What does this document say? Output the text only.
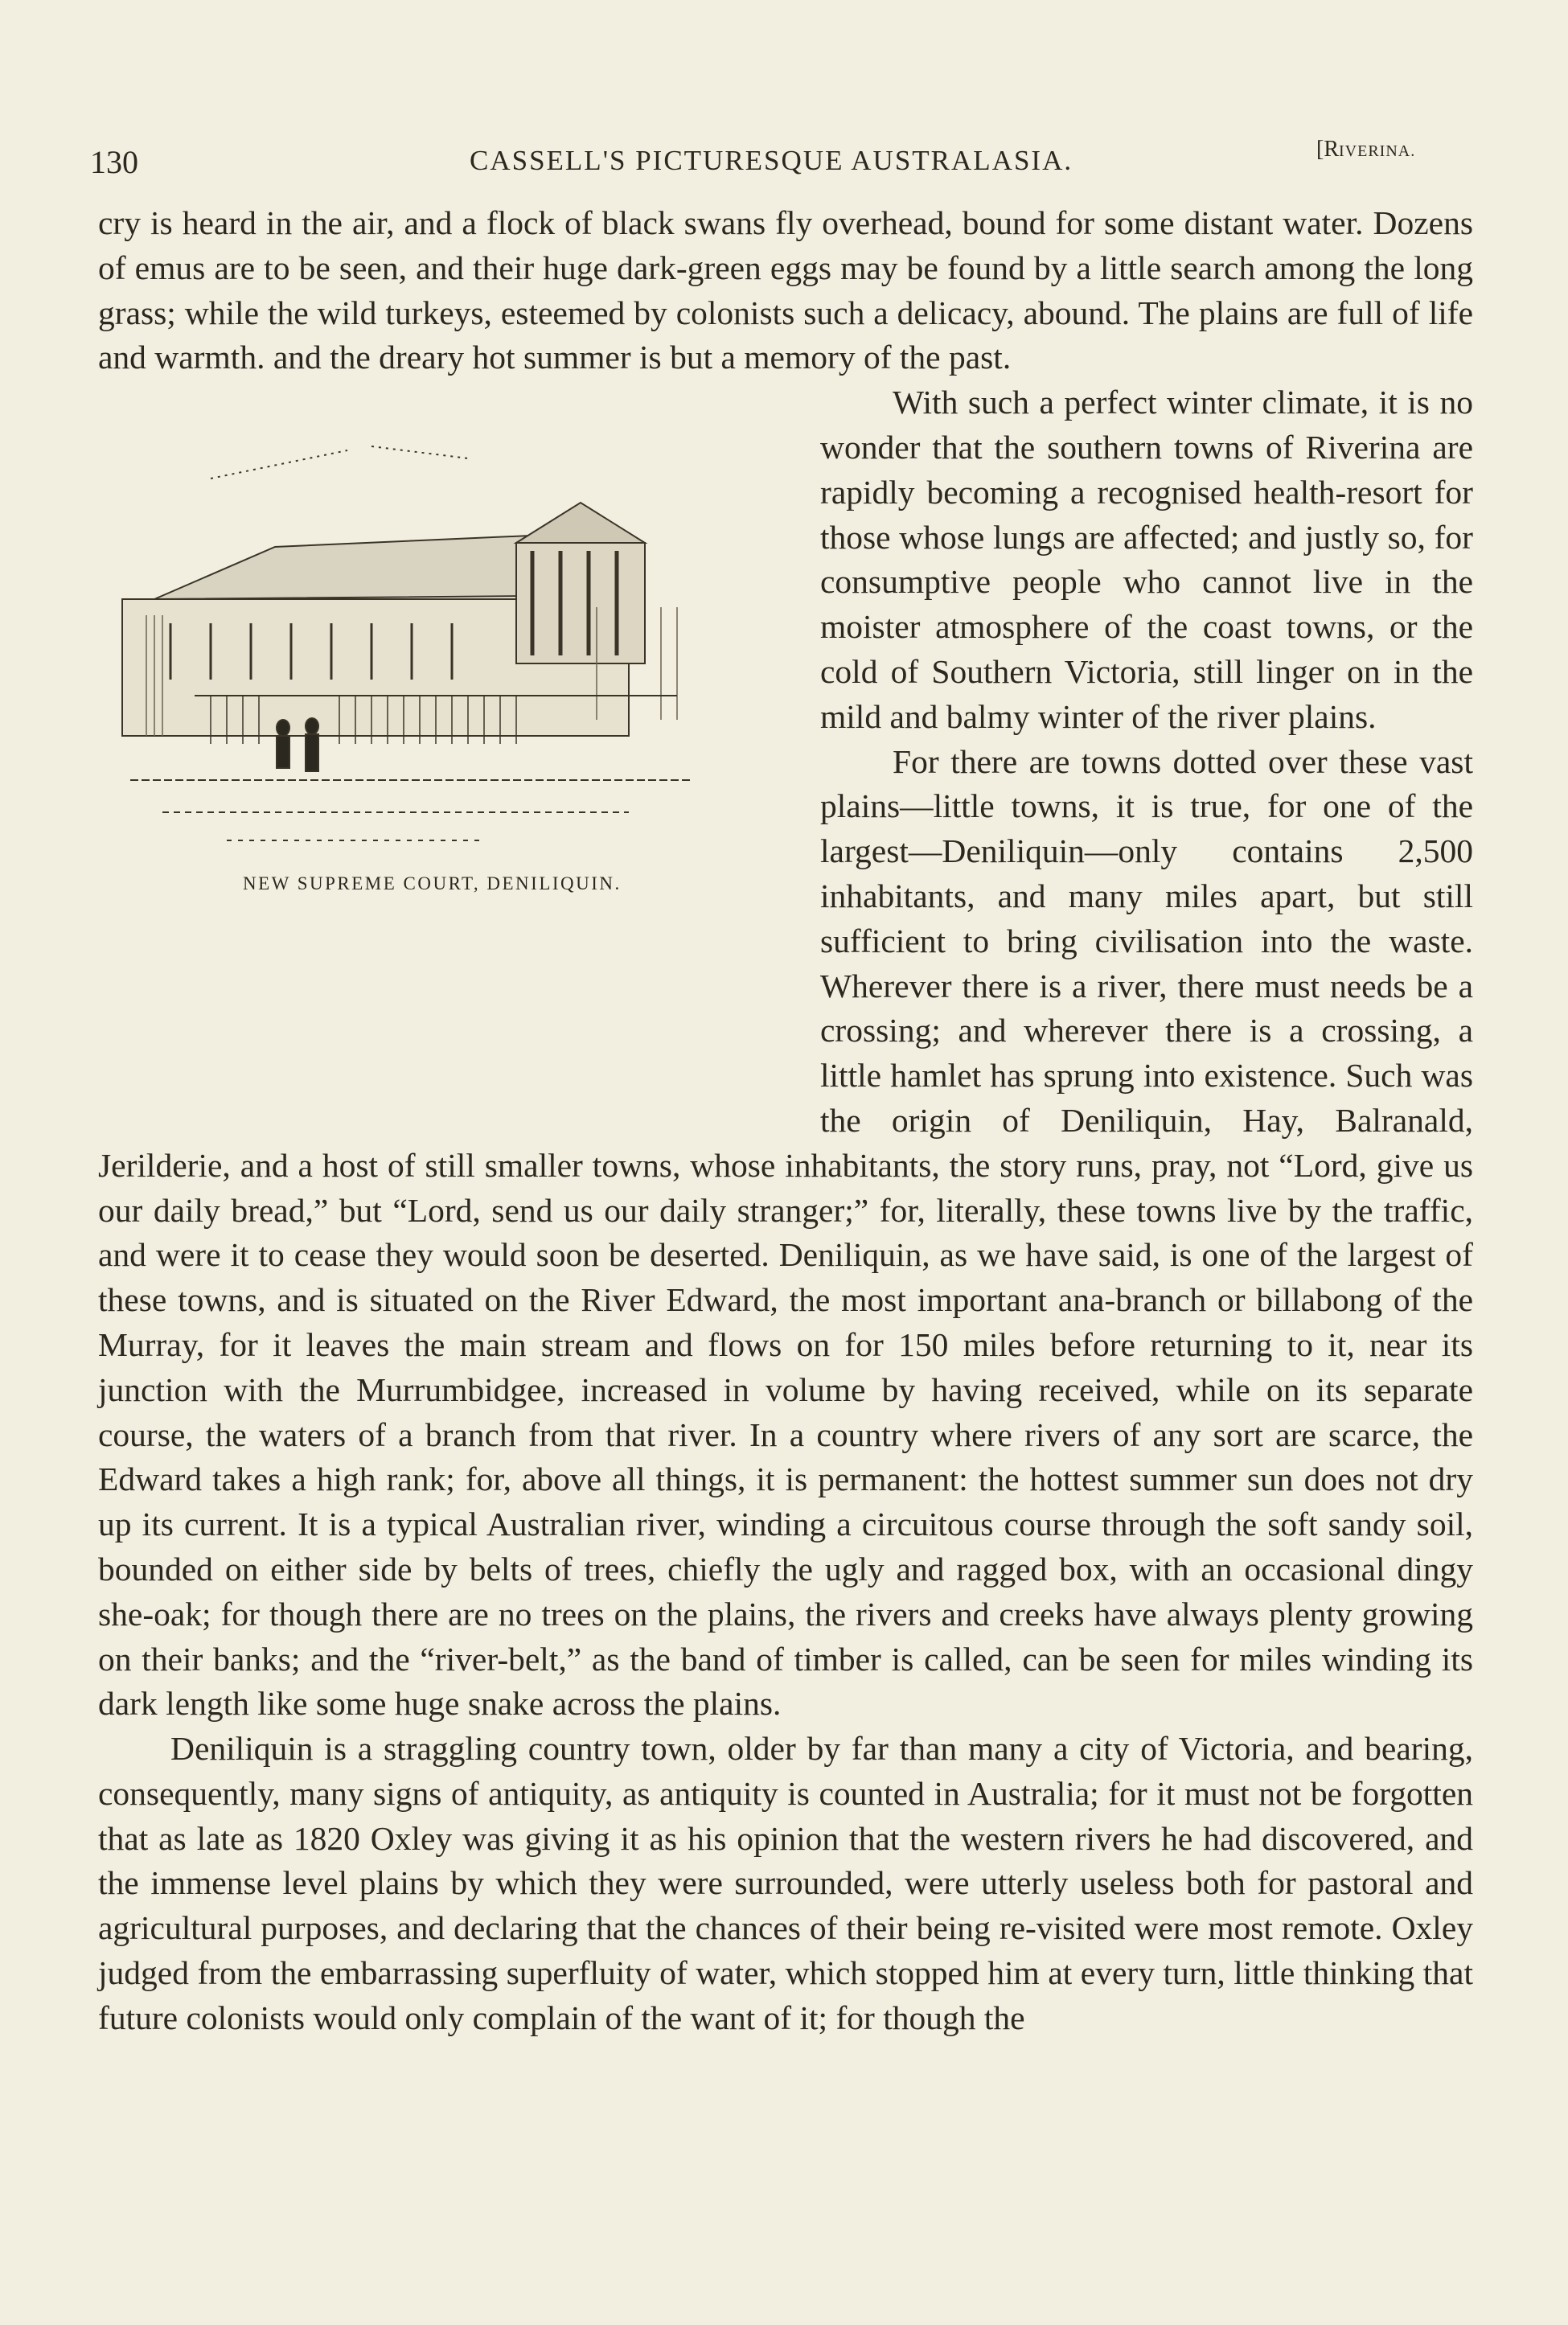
130	CASSELL'S PICTURESQUE AUSTRALASIA.	[RIVERINA.

cry is heard in the air, and a flock of black swans fly overhead, bound for some distant water. Dozens of emus are to be seen, and their huge dark-green eggs may be found by a little search among the long grass; while the wild turkeys, esteemed by colonists such a delicacy, abound. The plains are full of life and warmth. and the dreary hot summer is but a memory of the past.

NEW SUPREME COURT, DENILIQUIN.

With such a perfect winter climate, it is no wonder that the southern towns of Riverina are rapidly becoming a recognised health-resort for those whose lungs are affected; and justly so, for consumptive people who cannot live in the moister atmosphere of the coast towns, or the cold of Southern Victoria, still linger on in the mild and balmy winter of the river plains.

For there are towns dotted over these vast plains—little towns, it is true, for one of the largest—Deniliquin—only contains 2,500 inhabitants, and many miles apart, but still sufficient to bring civilisation into the waste. Wherever there is a river, there must needs be a crossing; and wherever there is a crossing, a little hamlet has sprung into existence. Such was the origin of Deniliquin, Hay, Balranald, Jerilderie, and a host of still smaller towns, whose inhabitants, the story runs, pray, not “Lord, give us our daily bread,” but “Lord, send us our daily stranger;” for, literally, these towns live by the traffic, and were it to cease they would soon be deserted. Deniliquin, as we have said, is one of the largest of these towns, and is situated on the River Edward, the most important ana-branch or billabong of the Murray, for it leaves the main stream and flows on for 150 miles before returning to it, near its junction with the Murrumbidgee, increased in volume by having received, while on its separate course, the waters of a branch from that river. In a country where rivers of any sort are scarce, the Edward takes a high rank; for, above all things, it is permanent: the hottest summer sun does not dry up its current. It is a typical Australian river, winding a circuitous course through the soft sandy soil, bounded on either side by belts of trees, chiefly the ugly and ragged box, with an occasional dingy she-oak; for though there are no trees on the plains, the rivers and creeks have always plenty growing on their banks; and the “river-belt,” as the band of timber is called, can be seen for miles winding its dark length like some huge snake across the plains.

Deniliquin is a straggling country town, older by far than many a city of Victoria, and bearing, consequently, many signs of antiquity, as antiquity is counted in Australia; for it must not be forgotten that as late as 1820 Oxley was giving it as his opinion that the western rivers he had discovered, and the immense level plains by which they were surrounded, were utterly useless both for pastoral and agricultural purposes, and declaring that the chances of their being re-visited were most remote. Oxley judged from the embarrassing superfluity of water, which stopped him at every turn, little thinking that future colonists would only complain of the want of it; for though the
